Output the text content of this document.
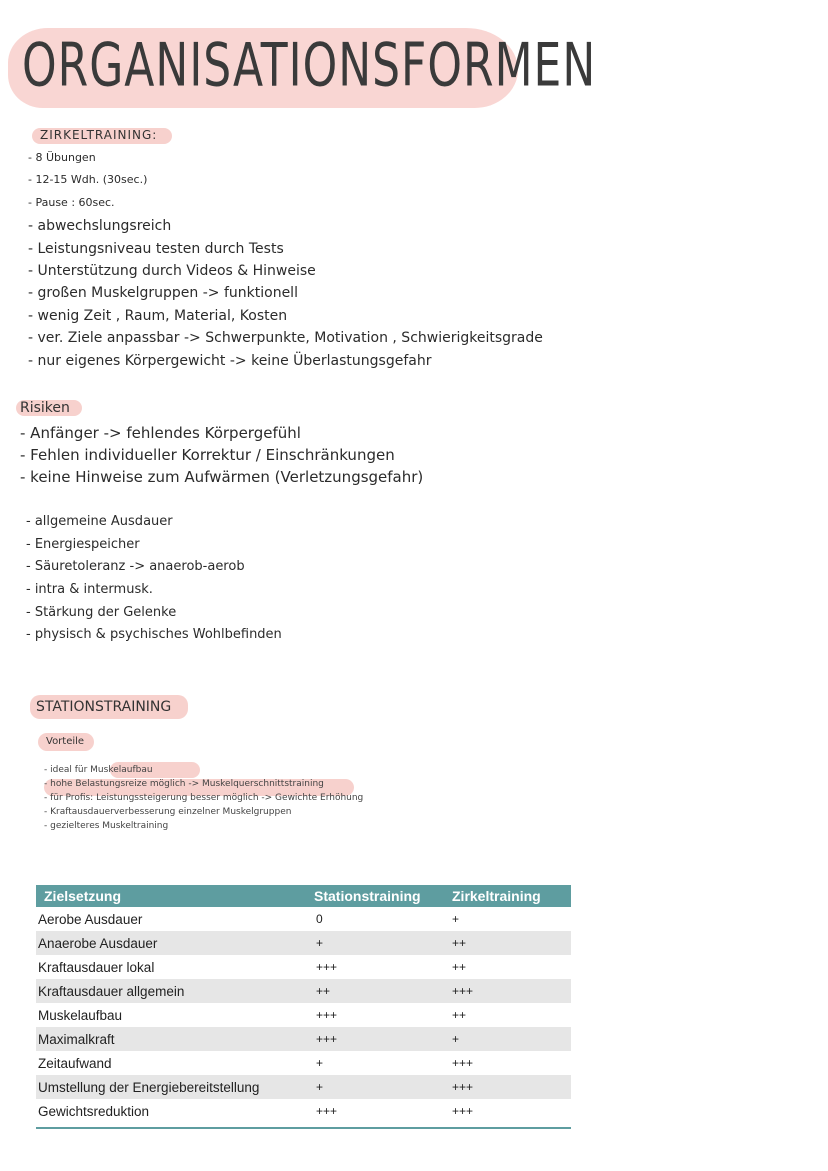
ORGANISATIONSFORMEN
ZIRKELTRAINING:
- 8 Übungen
- 12-15 Wdh. (30sec.)
- Pause : 60sec.
- abwechslungsreich
- Leistungsniveau testen durch Tests
- Unterstützung durch Videos & Hinweise
- großen Muskelgruppen -> funktionell
- wenig Zeit , Raum, Material, Kosten
- ver. Ziele anpassbar -> Schwerpunkte, Motivation , Schwierigkeitsgrade
- nur eigenes Körpergewicht -> keine Überlastungsgefahr
Risiken
- Anfänger -> fehlendes Körpergefühl
- Fehlen individueller Korrektur / Einschränkungen
- keine Hinweise zum Aufwärmen (Verletzungsgefahr)
- allgemeine Ausdauer
- Energiespeicher
- Säuretoleranz -> anaerob-aerob
- intra & intermusk.
- Stärkung der Gelenke
- physisch & psychisches Wohlbefinden
STATIONSTRAINING
Vorteile
- ideal für Muskelaufbau
- hohe Belastungsreize möglich -> Muskelquerschnittstraining
- für Profis: Leistungssteigerung besser möglich -> Gewichte Erhöhung
- Kraftausdauerverbesserung einzelner Muskelgruppen
- gezielteres Muskeltraining
Zielsetzung	Stationstraining	Zirkeltraining
Aerobe Ausdauer	0	+
Anaerobe Ausdauer	+	++
Kraftausdauer lokal	+++	++
Kraftausdauer allgemein	++	+++
Muskelaufbau	+++	++
Maximalkraft	+++	+
Zeitaufwand	+	+++
Umstellung der Energiebereitstellung	+	+++
Gewichtsreduktion	+++	+++
